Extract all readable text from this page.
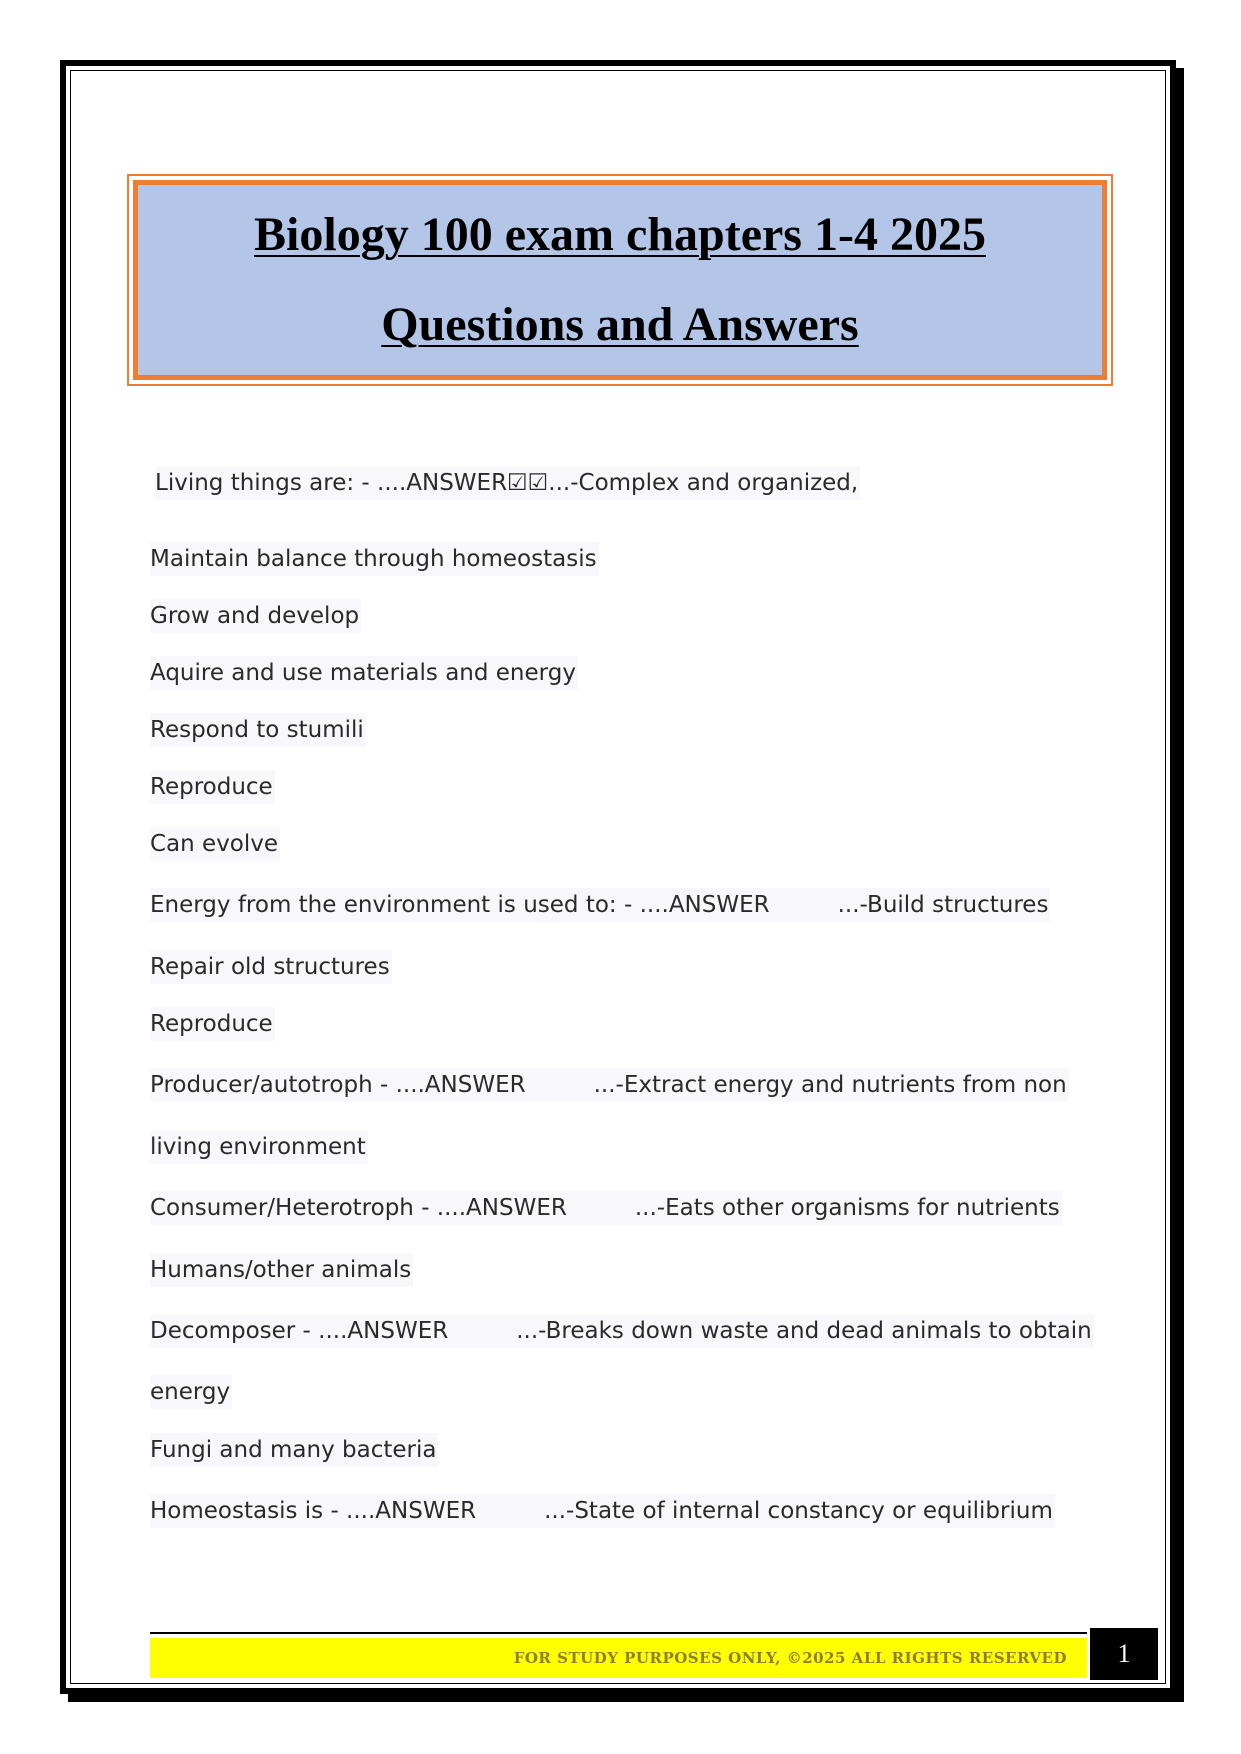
Biology 100 exam chapters 1-4 2025
Questions and Answers
Living things are: - ....ANSWER☑☑...-Complex and organized,
Maintain balance through homeostasis
Grow and develop
Aquire and use materials and energy
Respond to stumili
Reproduce
Can evolve
Energy from the environment is used to: - ....ANSWER	...-Build structures
Repair old structures
Reproduce
Producer/autotroph - ....ANSWER	...-Extract energy and nutrients from non
living environment
Consumer/Heterotroph - ....ANSWER	...-Eats other organisms for nutrients
Humans/other animals
Decomposer - ....ANSWER	...-Breaks down waste and dead animals to obtain
energy
Fungi and many bacteria
Homeostasis is - ....ANSWER	...-State of internal constancy or equilibrium
FOR STUDY PURPOSES ONLY, ©2025 ALL RIGHTS RESERVED	1
